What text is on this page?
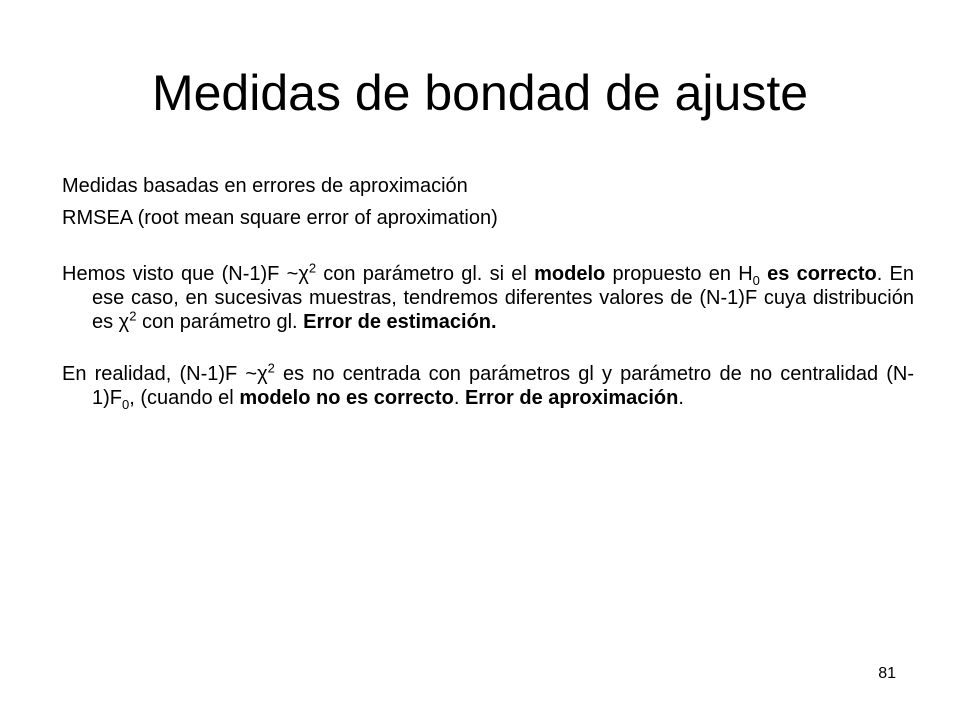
Medidas de bondad de ajuste
Medidas basadas en errores de aproximación
RMSEA (root mean square error of aproximation)

Hemos visto que (N-1)F $\sim\chi^2$ con parámetro gl. si el modelo propuesto en $H_0$ es correcto. En ese caso, en sucesivas muestras, tendremos diferentes valores de (N-1)F cuya distribución es $\chi^2$ con parámetro gl. Error de estimación.

En realidad, (N-1)F $\sim\chi^2$ es no centrada con parámetros gl y parámetro de no centralidad $(N-1)F_0$, (cuando el modelo no es correcto. Error de aproximación.

81
